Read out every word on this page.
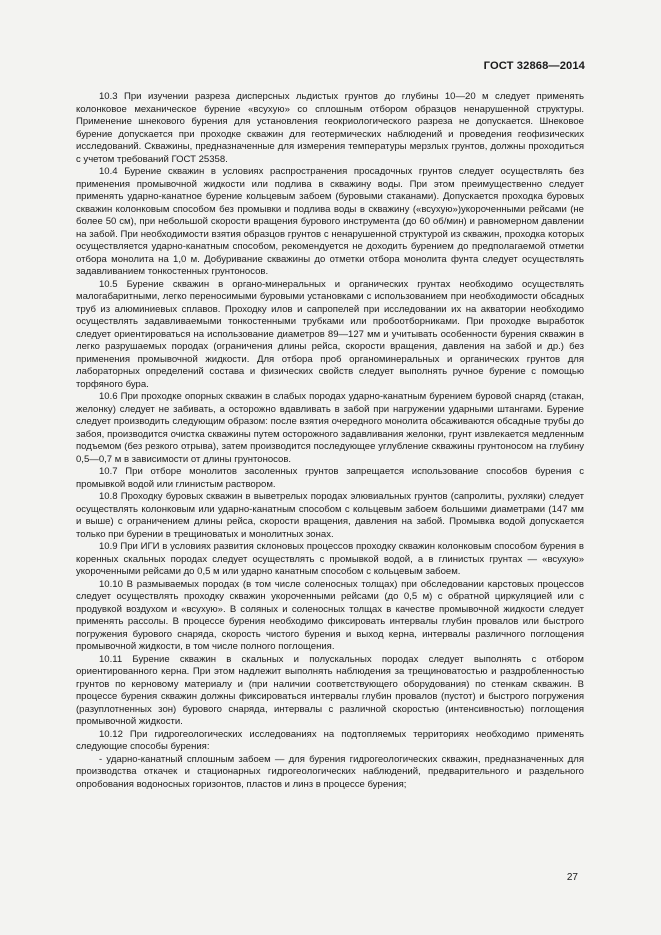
ГОСТ 32868—2014

10.3 При изучении разреза дисперсных льдистых грунтов до глубины 10—20 м следует применять колонковое механическое бурение «всухую» со сплошным отбором образцов ненарушенной структуры. Применение шнекового бурения для установления геокриологического разреза не допускается. Шнековое бурение допускается при проходке скважин для геотермических наблюдений и проведения геофизических исследований. Скважины, предназначенные для измерения температуры мерзлых грунтов, должны проходиться с учетом требований ГОСТ 25358.

10.4 Бурение скважин в условиях распространения просадочных грунтов следует осуществлять без применения промывочной жидкости или подлива в скважину воды. При этом преимущественно следует применять ударно-канатное бурение кольцевым забоем (буровыми стаканами). Допускается проходка буровых скважин колонковым способом без промывки и подлива воды в скважину («всухую»)укороченными рейсами (не более 50 см), при небольшой скорости вращения бурового инструмента (до 60 об/мин) и равномерном давлении на забой. При необходимости взятия образцов грунтов с ненарушенной структурой из скважин, проходка которых осуществляется ударно-канатным способом, рекомендуется не доходить бурением до предполагаемой отметки отбора монолита на 1,0 м. Добуривание скважины до отметки отбора монолита фунта следует осуществлять задавливанием тонкостенных грунтоносов.

10.5 Бурение скважин в органо-минеральных и органических грунтах необходимо осуществлять малогабаритными, легко переносимыми буровыми установками с использованием при необходимости обсадных труб из алюминиевых сплавов. Проходку илов и сапропелей при исследовании их на акватории необходимо осуществлять задавливаемыми тонкостенными трубками или пробоотборниками. При проходке выработок следует ориентироваться на использование диаметров 89—127 мм и учитывать особенности бурения скважин в легко разрушаемых породах (ограничения длины рейса, скорости вращения, давления на забой и др.) без применения промывочной жидкости. Для отбора проб органоминеральных и органических грунтов для лабораторных определений состава и физических свойств следует выполнять ручное бурение с помощью торфяного бура.

10.6 При проходке опорных скважин в слабых породах ударно-канатным бурением буровой снаряд (стакан, желонку) следует не забивать, а осторожно вдавливать в забой при нагружении ударными штангами. Бурение следует производить следующим образом: после взятия очередного монолита обсаживаются обсадные трубы до забоя, производится очистка скважины путем осторожного задавливания желонки, грунт извлекается медленным подъемом (без резкого отрыва), затем производится последующее углубление скважины грунтоносом на глубину 0,5—0,7 м в зависимости от длины грунтоносов.

10.7 При отборе монолитов засоленных грунтов запрещается использование способов бурения с промывкой водой или глинистым раствором.

10.8 Проходку буровых скважин в выветрелых породах элювиальных грунтов (сапролиты, рухляки) следует осуществлять колонковым или ударно-канатным способом с кольцевым забоем большими диаметрами (147 мм и выше) с ограничением длины рейса, скорости вращения, давления на забой. Промывка водой допускается только при бурении в трещиноватых и монолитных зонах.

10.9 При ИГИ в условиях развития склоновых процессов проходку скважин колонковым способом бурения в коренных скальных породах следует осуществлять с промывкой водой, а в глинистых грунтах — «всухую» укороченными рейсами до 0,5 м или ударно канатным способом с кольцевым забоем.

10.10 В размываемых породах (в том числе соленосных толщах) при обследовании карстовых процессов следует осуществлять проходку скважин укороченными рейсами (до 0,5 м) с обратной циркуляцией или с продувкой воздухом и «всухую». В соляных и соленосных толщах в качестве промывочной жидкости следует применять рассолы. В процессе бурения необходимо фиксировать интервалы глубин провалов или быстрого погружения бурового снаряда, скорость чистого бурения и выход керна, интервалы различного поглощения промывочной жидкости, в том числе полного поглощения.

10.11 Бурение скважин в скальных и полускальных породах следует выполнять с отбором ориентированного керна. При этом надлежит выполнять наблюдения за трещиноватостью и раздробленностью грунтов по керновому материалу и (при наличии соответствующего оборудования) по стенкам скважин. В процессе бурения скважин должны фиксироваться интервалы глубин провалов (пустот) и быстрого погружения (разуплотненных зон) бурового снаряда, интервалы с различной скоростью (интенсивностью) поглощения промывочной жидкости.

10.12 При гидрогеологических исследованиях на подтопляемых территориях необходимо применять следующие способы бурения:

- ударно-канатный сплошным забоем — для бурения гидрогеологических скважин, предназначенных для производства откачек и стационарных гидрогеологических наблюдений, предварительного и раздельного опробования водоносных горизонтов, пластов и линз в процессе бурения;

27
